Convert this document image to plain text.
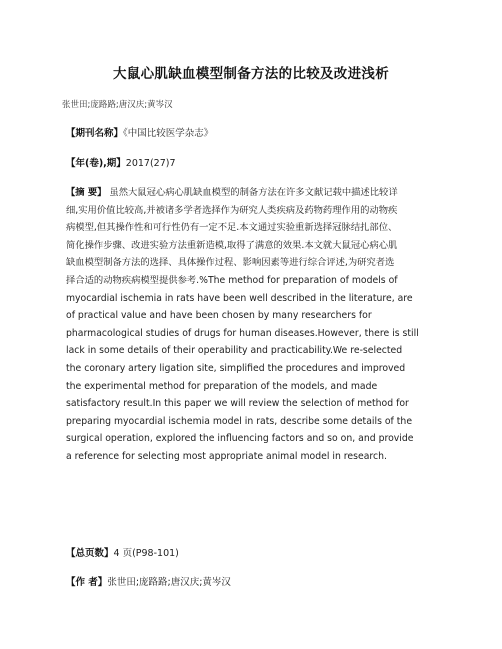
大鼠心肌缺血模型制备方法的比较及改进浅析
张世田;庞路路;唐汉庆;黄岑汉
【期刊名称】《中国比较医学杂志》
【年(卷),期】2017(27)7
【摘 要】 虽然大鼠冠心病心肌缺血模型的制备方法在许多文献记载中描述比较详
细,实用价值比较高,并被诸多学者选择作为研究人类疾病及药物药理作用的动物疾
病模型,但其操作性和可行性仍有一定不足.本文通过实验重新选择冠脉结扎部位、
简化操作步骤、改进实验方法重新造模,取得了满意的效果.本文就大鼠冠心病心肌
缺血模型制备方法的选择、具体操作过程、影响因素等进行综合评述,为研究者选
择合适的动物疾病模型提供参考.%The method for preparation of models of
myocardial ischemia in rats have been well described in the literature, are
of practical value and have been chosen by many researchers for
pharmacological studies of drugs for human diseases.However, there is still
lack in some details of their operability and practicability.We re-selected
the coronary artery ligation site, simplified the procedures and improved
the experimental method for preparation of the models, and made
satisfactory result.In this paper we will review the selection of method for
preparing myocardial ischemia model in rats, describe some details of the
surgical operation, explored the influencing factors and so on, and provide
a reference for selecting most appropriate animal model in research.
【总页数】4 页(P98-101)
【作 者】张世田;庞路路;唐汉庆;黄岑汉
